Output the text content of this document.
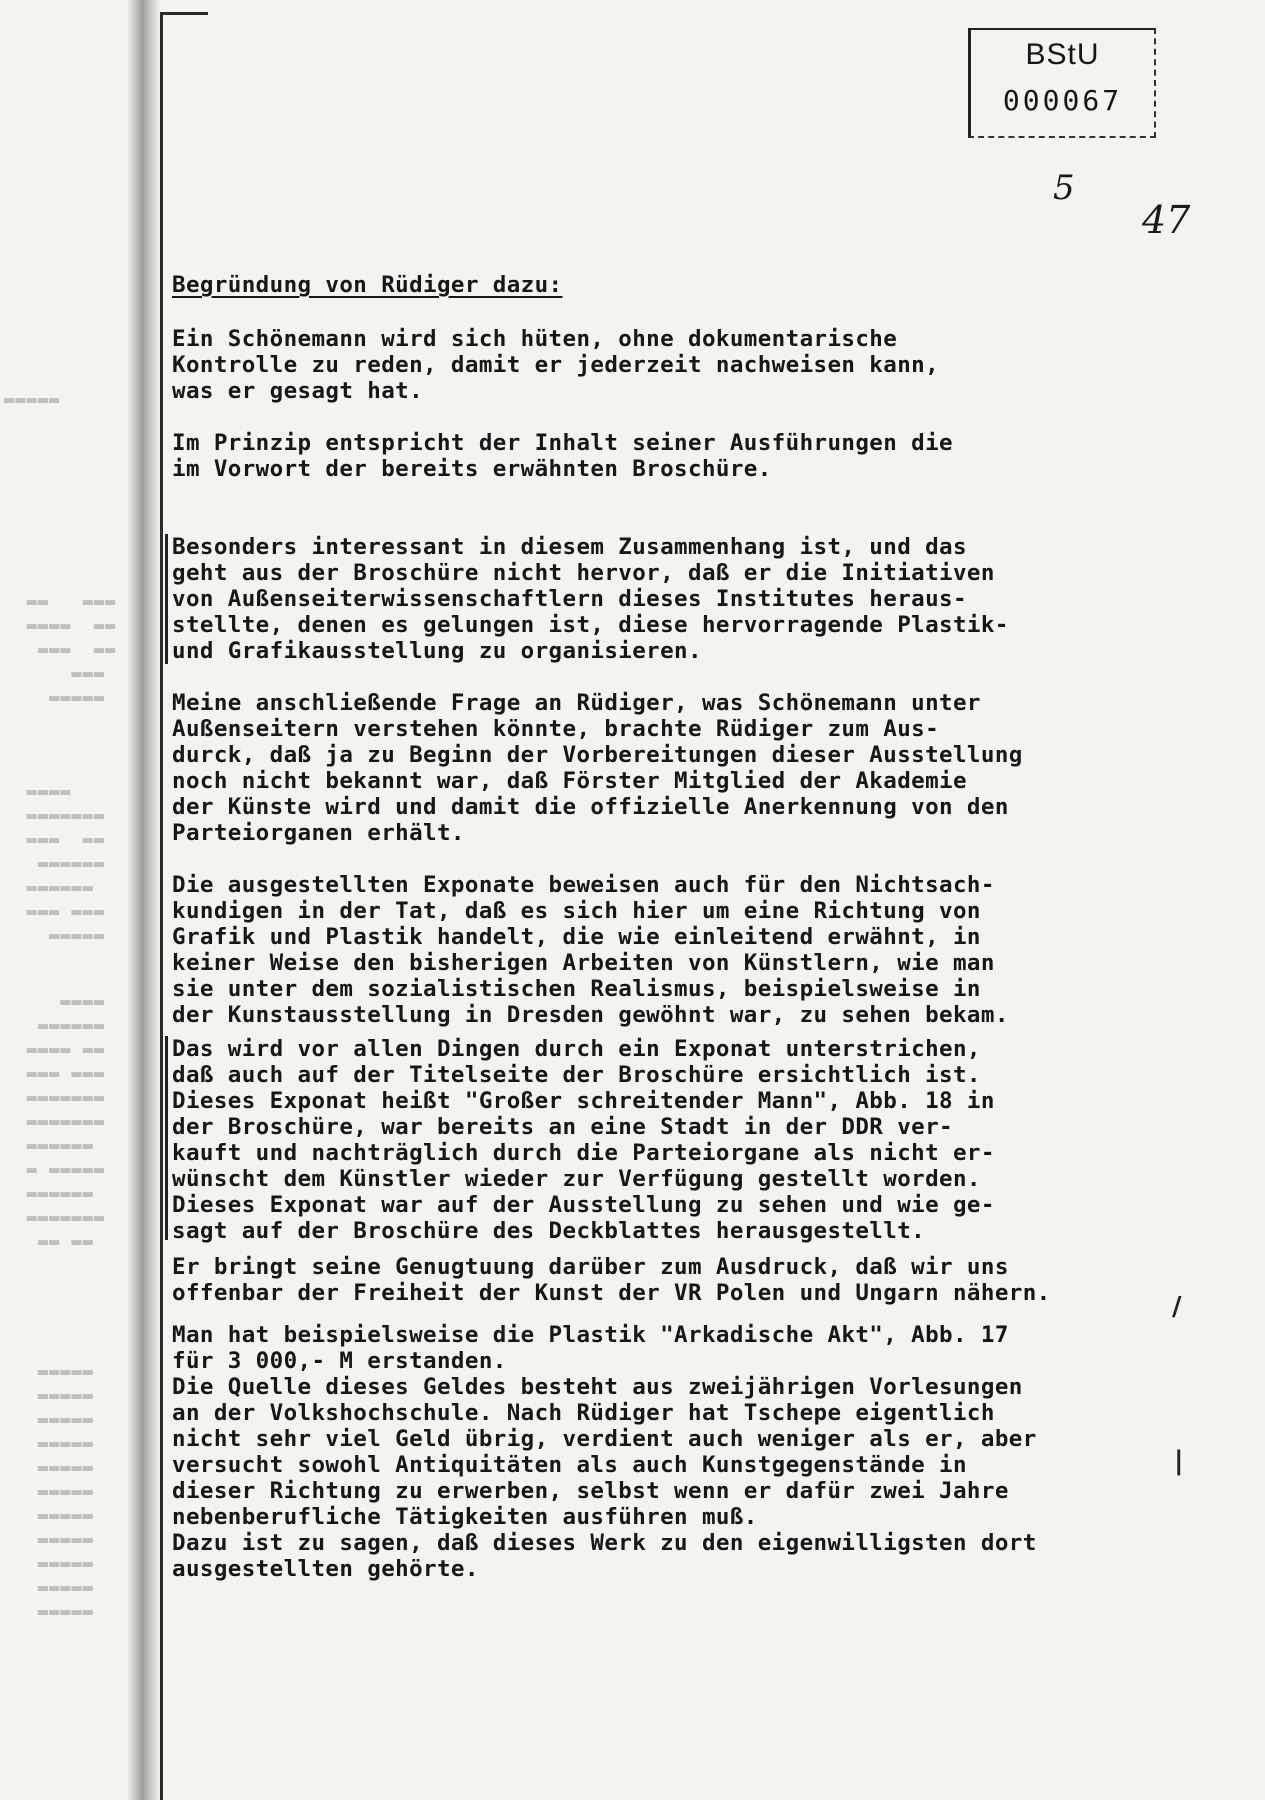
▬▬▬▬▬
▬▬   ▬▬▬
▬▬▬▬  ▬▬
▬▬▬  ▬▬
▬▬▬
▬▬▬▬▬
▬▬▬▬
▬▬▬▬▬▬▬
▬▬▬  ▬▬
▬▬▬▬▬▬
▬▬▬▬▬▬
▬▬▬ ▬▬▬
▬▬▬▬▬
▬▬▬▬
▬▬▬▬▬▬
▬▬▬▬ ▬▬
▬▬▬ ▬▬▬
▬▬▬▬▬▬▬
▬▬▬▬▬▬▬
▬▬▬▬▬▬
▬ ▬▬▬▬▬
▬▬▬▬▬▬
▬▬▬▬▬▬▬
▬▬ ▬▬
▬▬▬▬▬
▬▬▬▬▬
▬▬▬▬▬
▬▬▬▬▬
▬▬▬▬▬
▬▬▬▬▬
▬▬▬▬▬
▬▬▬▬▬
▬▬▬▬▬
▬▬▬▬▬
▬▬▬▬▬
BStU
000067
5
47
Begründung von Rüdiger dazu:
Ein Schönemann wird sich hüten, ohne dokumentarische
Kontrolle zu reden, damit er jederzeit nachweisen kann,
was er gesagt hat.
Im Prinzip entspricht der Inhalt seiner Ausführungen die
im Vorwort der bereits erwähnten Broschüre.
Besonders interessant in diesem Zusammenhang ist, und das
geht aus der Broschüre nicht hervor, daß er die Initiativen
von Außenseiterwissenschaftlern dieses Institutes heraus-
stellte, denen es gelungen ist, diese hervorragende Plastik-
und Grafikausstellung zu organisieren.
Meine anschließende Frage an Rüdiger, was Schönemann unter
Außenseitern verstehen könnte, brachte Rüdiger zum Aus-
durck, daß ja zu Beginn der Vorbereitungen dieser Ausstellung
noch nicht bekannt war, daß Förster Mitglied der Akademie
der Künste wird und damit die offizielle Anerkennung von den
Parteiorganen erhält.
Die ausgestellten Exponate beweisen auch für den Nichtsach-
kundigen in der Tat, daß es sich hier um eine Richtung von
Grafik und Plastik handelt, die wie einleitend erwähnt, in
keiner Weise den bisherigen Arbeiten von Künstlern, wie man
sie unter dem sozialistischen Realismus, beispielsweise in
der Kunstausstellung in Dresden gewöhnt war, zu sehen bekam.
Das wird vor allen Dingen durch ein Exponat unterstrichen,
daß auch auf der Titelseite der Broschüre ersichtlich ist.
Dieses Exponat heißt "Großer schreitender Mann", Abb. 18 in
der Broschüre, war bereits an eine Stadt in der DDR ver-
kauft und nachträglich durch die Parteiorgane als nicht er-
wünscht dem Künstler wieder zur Verfügung gestellt worden.
Dieses Exponat war auf der Ausstellung zu sehen und wie ge-
sagt auf der Broschüre des Deckblattes herausgestellt.
Er bringt seine Genugtuung darüber zum Ausdruck, daß wir uns
offenbar der Freiheit der Kunst der VR Polen und Ungarn nähern.	/
|
Man hat beispielsweise die Plastik "Arkadische Akt", Abb. 17
für 3 000,- M erstanden.
Die Quelle dieses Geldes besteht aus zweijährigen Vorlesungen
an der Volkshochschule. Nach Rüdiger hat Tschepe eigentlich
nicht sehr viel Geld übrig, verdient auch weniger als er, aber
versucht sowohl Antiquitäten als auch Kunstgegenstände in
dieser Richtung zu erwerben, selbst wenn er dafür zwei Jahre
nebenberufliche Tätigkeiten ausführen muß.
Dazu ist zu sagen, daß dieses Werk zu den eigenwilligsten dort
ausgestellten gehörte.
